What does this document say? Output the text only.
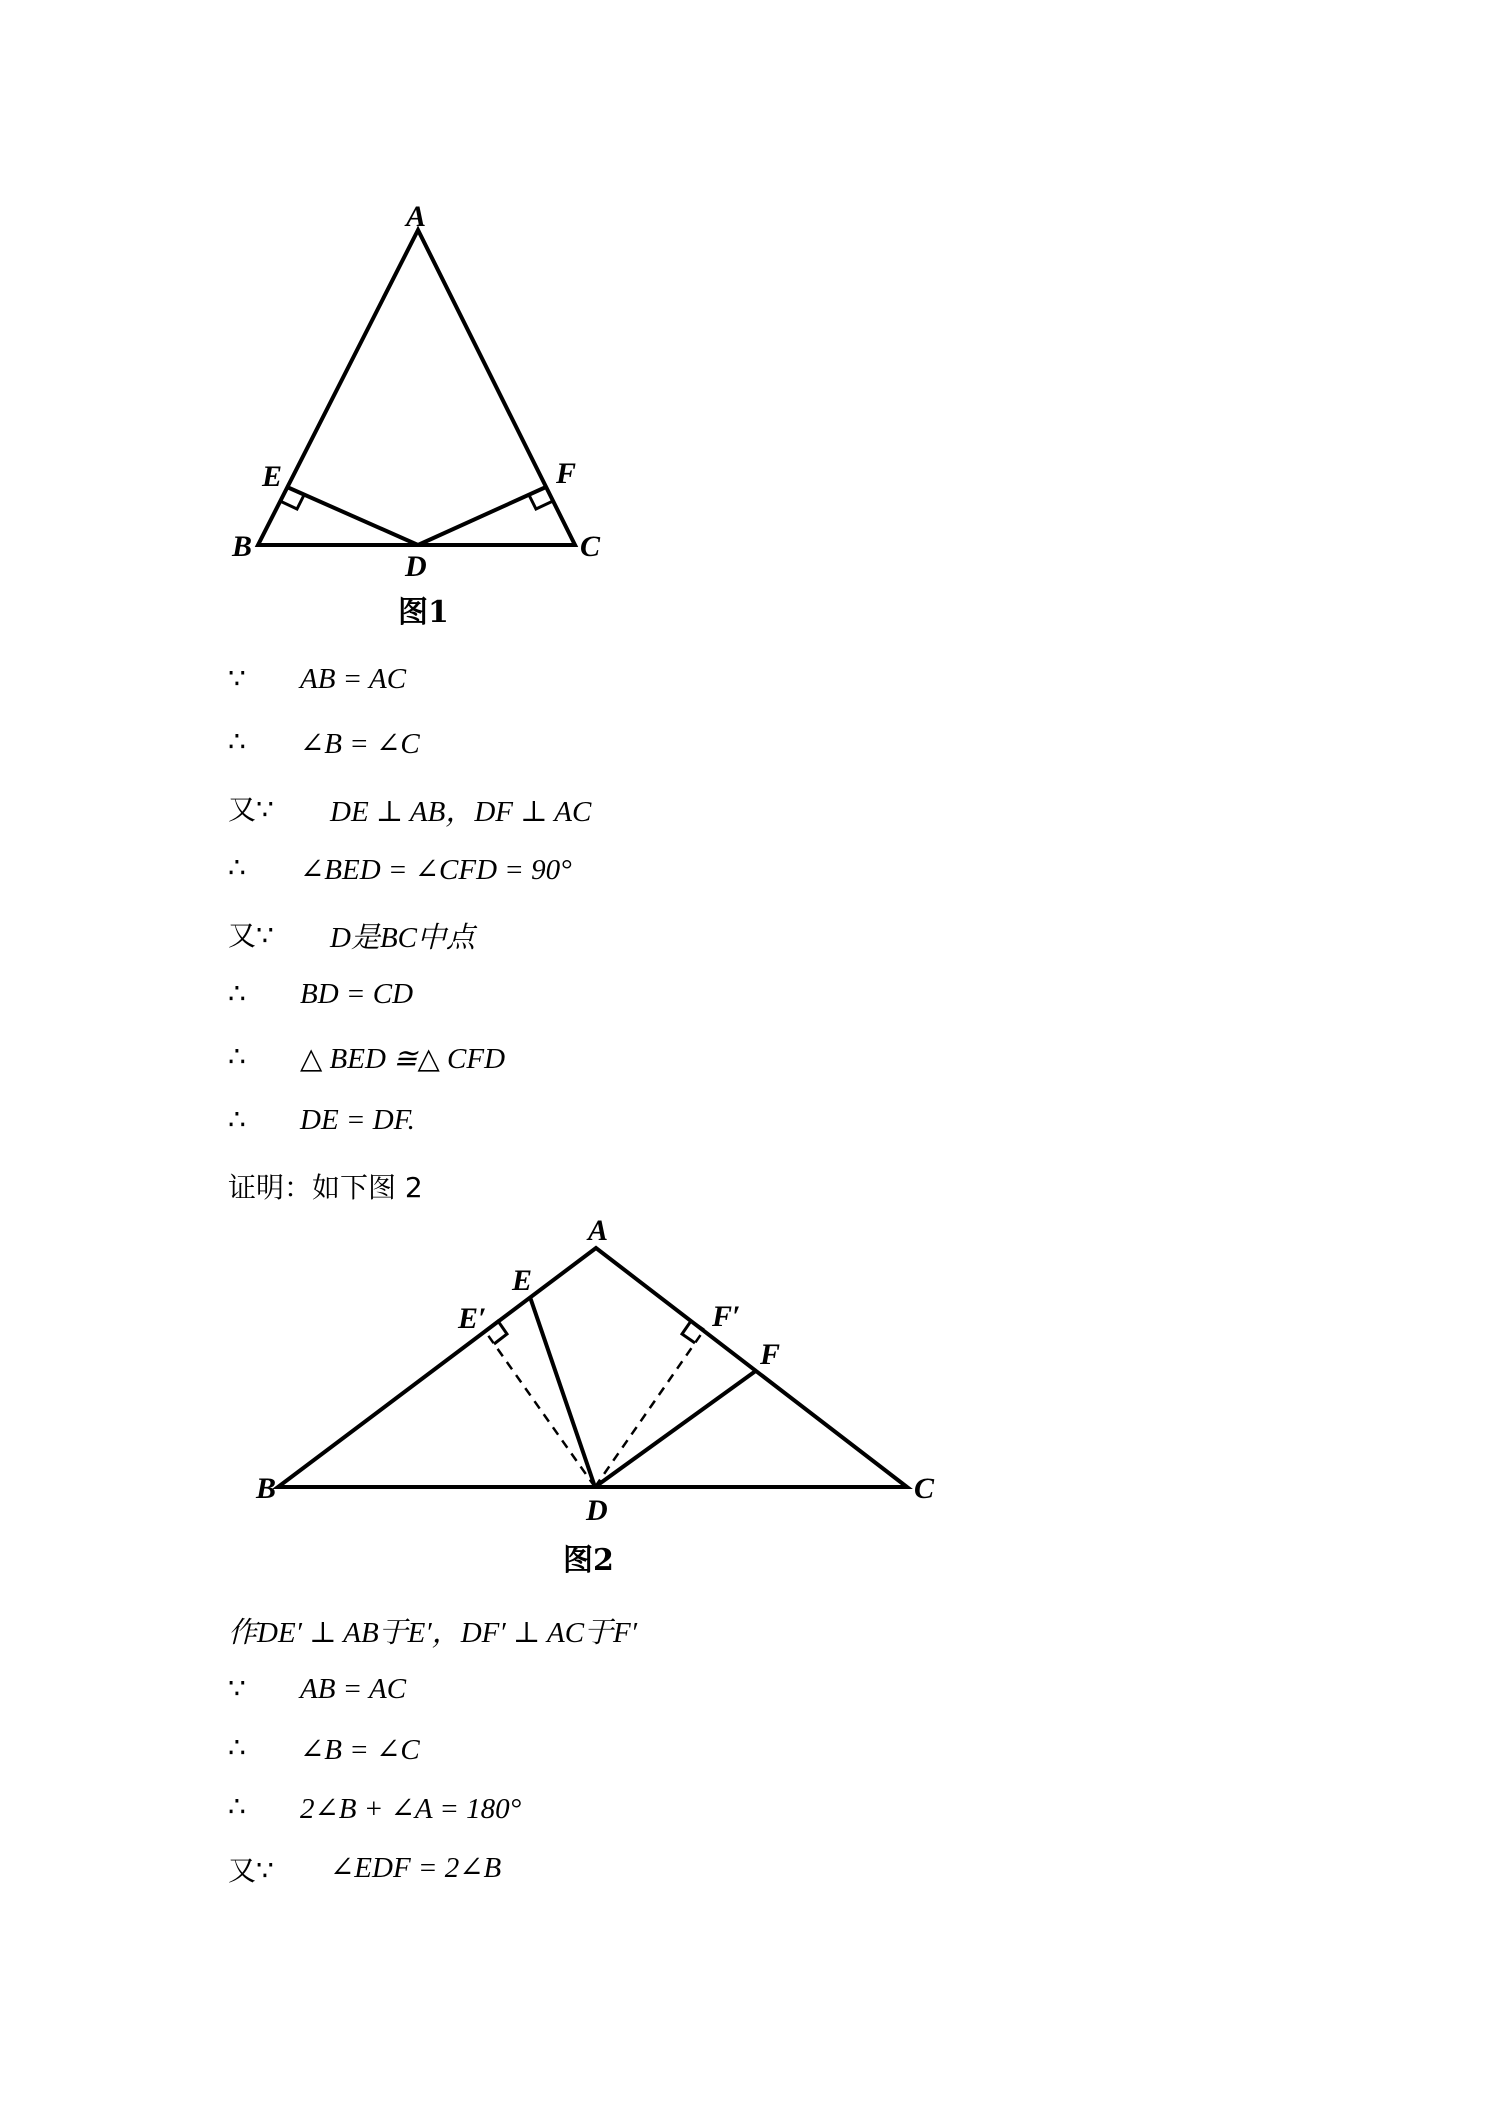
A
E	F
B
D
C
图1
∵ AB = AC
∴ ∠B = ∠C
又∵ DE ⊥ AB，DF ⊥ AC
∴ ∠BED = ∠CFD = 90°
又∵ D是BC中点
∴ BD = CD
∴ △ BED ≅△ CFD
∴ DE = DF.
证明：如下图 2
A
E
E′	F′
F
B
D
C
图2
作DE′ ⊥ AB于E′，DF′ ⊥ AC于F′
∵ AB = AC
∴ ∠B = ∠C
∴ 2∠B + ∠A = 180°
又∵ ∠EDF = 2∠B
